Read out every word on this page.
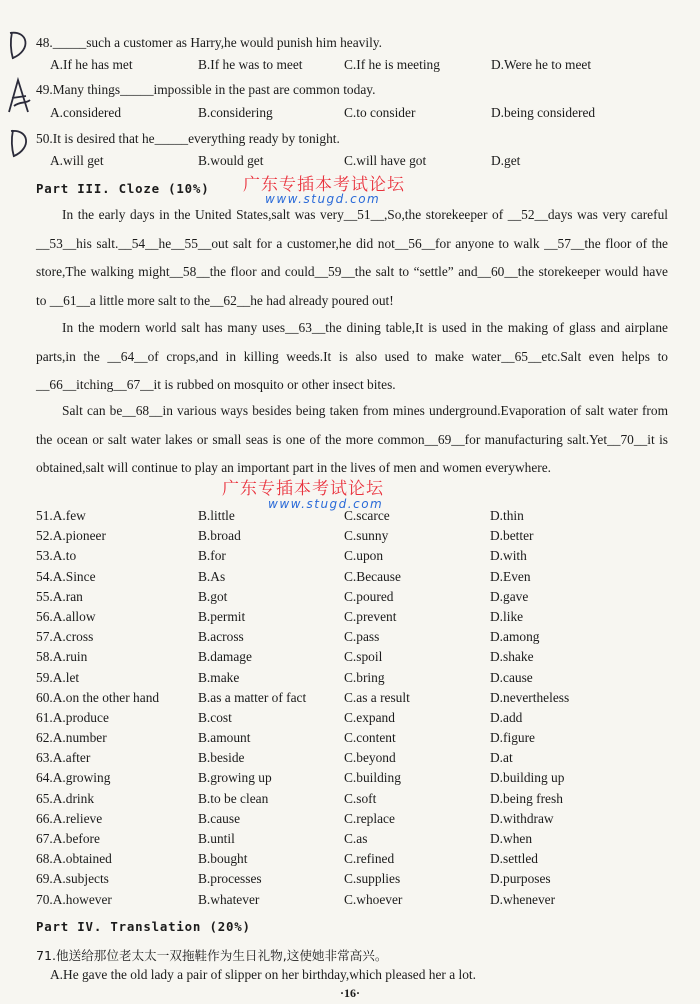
48._____such a customer as Harry,he would punish him heavily.
A.If he has met	B.If he was to meet	C.If he is meeting	D.Were he to meet
49.Many things_____impossible in the past are common today.
A.considered	B.considering	C.to consider	D.being considered
50.It is desired that he_____everything ready by tonight.
A.will get	B.would get	C.will have got	D.get
Part III. Cloze (10%) 广东专插本考试论坛
www.stugd.com
In the early days in the United States,salt was very__51__,So,the storekeeper of __52__days was very careful __53__his salt.__54__he__55__out salt for a customer,he did not__56__for anyone to walk __57__the floor of the store,The walking might__58__the floor and could__59__the salt to “settle” and__60__the storekeeper would have to __61__a little more salt to the__62__he had already poured out!
In the modern world salt has many uses__63__the dining table,It is used in the making of glass and airplane parts,in the __64__of crops,and in killing weeds.It is also used to make water__65__etc.Salt even helps to __66__itching__67__it is rubbed on mosquito or other insect bites.
Salt can be__68__in various ways besides being taken from mines underground.Evaporation of salt water from the ocean or salt water lakes or small seas is one of the more common__69__for manufacturing salt.Yet__70__it is obtained,salt will continue to play an important part in the lives of men and women everywhere.
广东专插本考试论坛
www.stugd.com
51.A.few	B.little	C.scarce	D.thin
52.A.pioneer	B.broad	C.sunny	D.better
53.A.to	B.for	C.upon	D.with
54.A.Since	B.As	C.Because	D.Even
55.A.ran	B.got	C.poured	D.gave
56.A.allow	B.permit	C.prevent	D.like
57.A.cross	B.across	C.pass	D.among
58.A.ruin	B.damage	C.spoil	D.shake
59.A.let	B.make	C.bring	D.cause
60.A.on the other hand	B.as a matter of fact	C.as a result	D.nevertheless
61.A.produce	B.cost	C.expand	D.add
62.A.number	B.amount	C.content	D.figure
63.A.after	B.beside	C.beyond	D.at
64.A.growing	B.growing up	C.building	D.building up
65.A.drink	B.to be clean	C.soft	D.being fresh
66.A.relieve	B.cause	C.replace	D.withdraw
67.A.before	B.until	C.as	D.when
68.A.obtained	B.bought	C.refined	D.settled
69.A.subjects	B.processes	C.supplies	D.purposes
70.A.however	B.whatever	C.whoever	D.whenever
Part IV. Translation (20%)
71.他送给那位老太太一双拖鞋作为生日礼物,这使她非常高兴。
A.He gave the old lady a pair of slipper on her birthday,which pleased her a lot.
·16·
